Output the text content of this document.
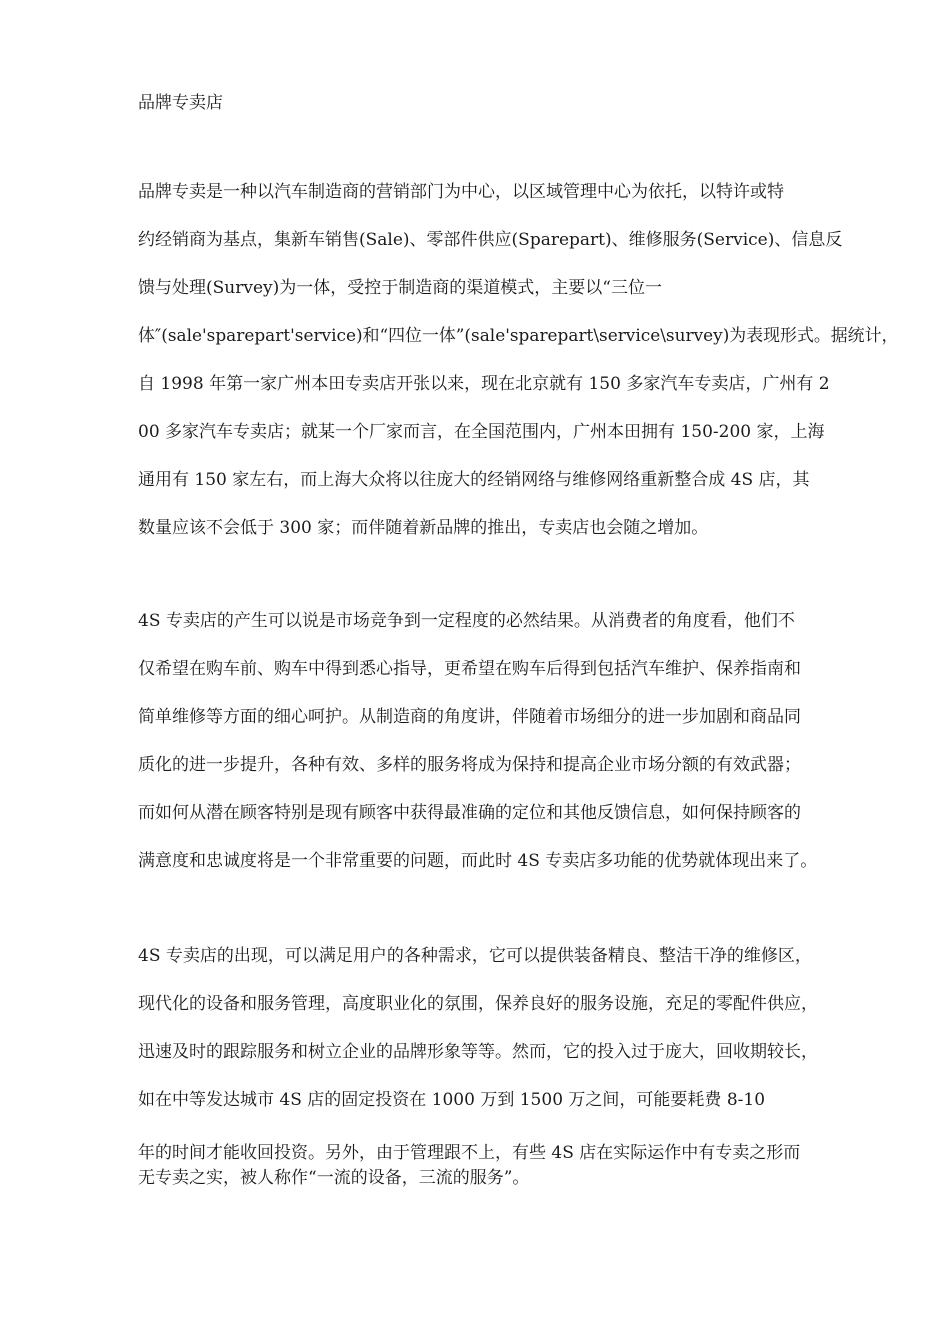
品牌专卖店
品牌专卖是一种以汽车制造商的营销部门为中心，以区域管理中心为依托，以特许或特
约经销商为基点，集新车销售(Sale)、零部件供应(Sparepart)、维修服务(Service)、信息反
馈与处理(Survey)为一体，受控于制造商的渠道模式，主要以“三位一
体″(sale'sparepart'service)和“四位一体”(sale'sparepart\service\survey)为表现形式。据统计，
自 1998 年第一家广州本田专卖店开张以来，现在北京就有 150 多家汽车专卖店，广州有 2
00 多家汽车专卖店；就某一个厂家而言，在全国范围内，广州本田拥有 150-200 家，上海
通用有 150 家左右，而上海大众将以往庞大的经销网络与维修网络重新整合成 4S 店，其
数量应该不会低于 300 家；而伴随着新品牌的推出，专卖店也会随之增加。
4S 专卖店的产生可以说是市场竞争到一定程度的必然结果。从消费者的角度看，他们不
仅希望在购车前、购车中得到悉心指导，更希望在购车后得到包括汽车维护、保养指南和
简单维修等方面的细心呵护。从制造商的角度讲，伴随着市场细分的进一步加剧和商品同
质化的进一步提升，各种有效、多样的服务将成为保持和提高企业市场分额的有效武器；
而如何从潜在顾客特别是现有顾客中获得最准确的定位和其他反馈信息，如何保持顾客的
满意度和忠诚度将是一个非常重要的问题，而此时 4S 专卖店多功能的优势就体现出来了。
4S 专卖店的出现，可以满足用户的各种需求，它可以提供装备精良、整洁干净的维修区，
现代化的设备和服务管理，高度职业化的氛围，保养良好的服务设施，充足的零配件供应，
迅速及时的跟踪服务和树立企业的品牌形象等等。然而，它的投入过于庞大，回收期较长，
如在中等发达城市 4S 店的固定投资在 1000 万到 1500 万之间，可能要耗费 8-10
年的时间才能收回投资。另外，由于管理跟不上，有些 4S 店在实际运作中有专卖之形而
无专卖之实，被人称作“一流的设备，三流的服务”。
